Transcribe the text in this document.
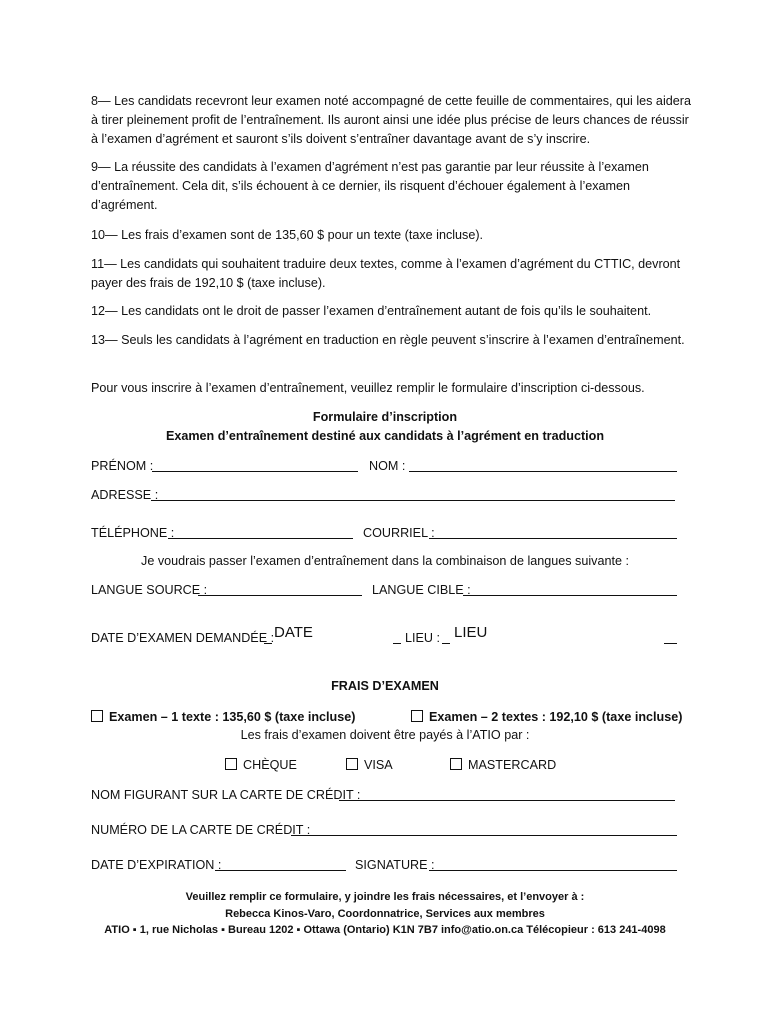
8— Les candidats recevront leur examen noté accompagné de cette feuille de commentaires, qui les aidera à tirer pleinement profit de l’entraînement. Ils auront ainsi une idée plus précise de leurs chances de réussir à l’examen d’agrément et sauront s’ils doivent s’entraîner davantage avant de s’y inscrire.

9— La réussite des candidats à l’examen d’agrément n’est pas garantie par leur réussite à l’examen d’entraînement. Cela dit, s’ils échouent à ce dernier, ils risquent d’échouer également à l’examen d’agrément.

10— Les frais d’examen sont de 135,60 $ pour un texte (taxe incluse).

11— Les candidats qui souhaitent traduire deux textes, comme à l’examen d’agrément du CTTIC, devront payer des frais de 192,10 $ (taxe incluse).

12— Les candidats ont le droit de passer l’examen d’entraînement autant de fois qu’ils le souhaitent.

13— Seuls les candidats à l’agrément en traduction en règle peuvent s’inscrire à l’examen d’entraînement.

Pour vous inscrire à l’examen d’entraînement, veuillez remplir le formulaire d’inscription ci-dessous.

Formulaire d’inscription
Examen d’entraînement destiné aux candidats à l’agrément en traduction
PRÉNOM :	NOM :
ADRESSE :
TÉLÉPHONE :	COURRIEL :
Je voudrais passer l’examen d’entraînement dans la combinaison de langues suivante :
LANGUE SOURCE :	LANGUE CIBLE :
DATE D’EXAMEN DEMANDÉE : DATE	LIEU : LIEU
FRAIS D’EXAMEN
Examen – 1 texte : 135,60 $ (taxe incluse)	Examen – 2 textes : 192,10 $ (taxe incluse)
Les frais d’examen doivent être payés à l’ATIO par :
CHÈQUE	VISA	MASTERCARD
NOM FIGURANT SUR LA CARTE DE CRÉDIT :
NUMÉRO DE LA CARTE DE CRÉDIT :
DATE D’EXPIRATION :	SIGNATURE :
Veuillez remplir ce formulaire, y joindre les frais nécessaires, et l’envoyer à :
Rebecca Kinos-Varo, Coordonnatrice, Services aux membres
ATIO ▪ 1, rue Nicholas ▪ Bureau 1202 ▪ Ottawa (Ontario) K1N 7B7 info@atio.on.ca Télécopieur : 613 241-4098
